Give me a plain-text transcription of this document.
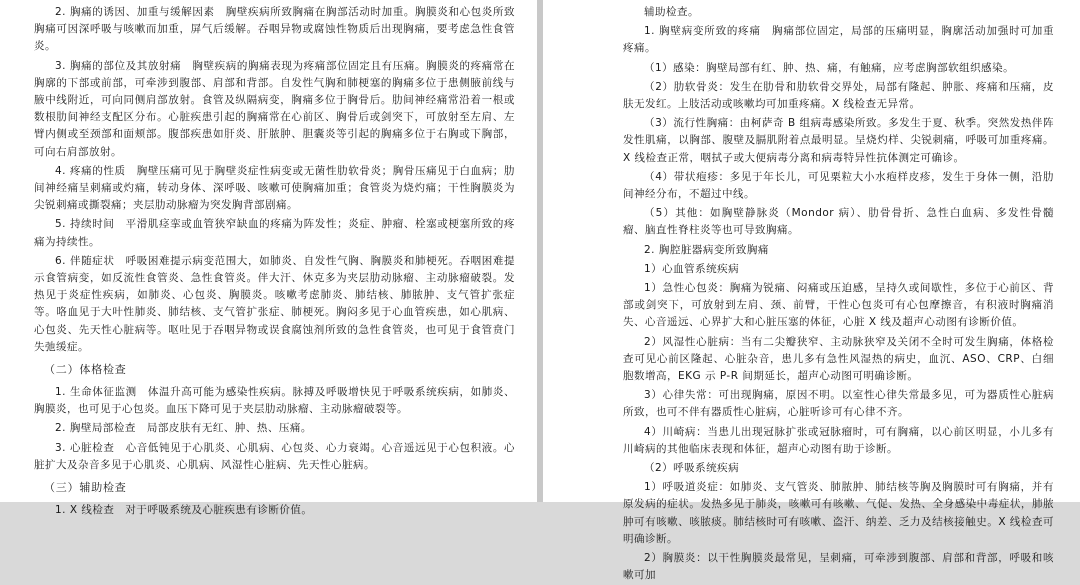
2. 胸痛的诱因、加重与缓解因素　胸壁疾病所致胸痛在胸部活动时加重。胸膜炎和心包炎所致胸痛可因深呼吸与咳嗽而加重，屏气后缓解。吞咽异物或腐蚀性物质后出现胸痛，要考虑急性食管炎。

3. 胸痛的部位及其放射痛　胸壁疾病的胸痛表现为疼痛部位固定且有压痛。胸膜炎的疼痛常在胸廓的下部或前部，可牵涉到腹部、肩部和背部。自发性气胸和肺梗塞的胸痛多位于患侧腋前线与腋中线附近，可向同侧肩部放射。食管及纵隔病变，胸痛多位于胸骨后。肋间神经痛常沿着一根或数根肋间神经支配区分布。心脏疾患引起的胸痛常在心前区、胸骨后或剑突下，可放射至左肩、左臂内侧或至颈部和面颊部。腹部疾患如肝炎、肝脓肿、胆囊炎等引起的胸痛多位于右胸或下胸部，可向右肩部放射。

4. 疼痛的性质　胸壁压痛可见于胸壁炎症性病变或无菌性肋软骨炎；胸骨压痛见于白血病；肋间神经痛呈刺痛或灼痛，转动身体、深呼吸、咳嗽可使胸痛加重；食管炎为烧灼痛；干性胸膜炎为尖锐刺痛或撕裂痛；夹层肋动脉瘤为突发胸背部剧痛。

5. 持续时间　平滑肌痉挛或血管狭窄缺血的疼痛为阵发性；炎症、肿瘤、栓塞或梗塞所致的疼痛为持续性。

6. 伴随症状　呼吸困难提示病变范围大，如肺炎、自发性气胸、胸膜炎和肺梗死。吞咽困难提示食管病变，如反流性食管炎、急性食管炎。伴大汗、休克多为夹层肋动脉瘤、主动脉瘤破裂。发热见于炎症性疾病，如肺炎、心包炎、胸膜炎。咳嗽考虑肺炎、肺结核、肺脓肿、支气管扩张症等。咯血见于大叶性肺炎、肺结核、支气管扩张症、肺梗死。胸闷多见于心血管疾患，如心肌病、心包炎、先天性心脏病等。呕吐见于吞咽异物或误食腐蚀剂所致的急性食管炎，也可见于食管贲门失弛缓症。

（二）体格检查

1. 生命体征监测　体温升高可能为感染性疾病。脉搏及呼吸增快见于呼吸系统疾病，如肺炎、胸膜炎，也可见于心包炎。血压下降可见于夹层肋动脉瘤、主动脉瘤破裂等。

2. 胸壁局部检查　局部皮肤有无红、肿、热、压痛。

3. 心脏检查　心音低钝见于心肌炎、心肌病、心包炎、心力衰竭。心音遥远见于心包积液。心脏扩大及杂音多见于心肌炎、心肌病、风湿性心脏病、先天性心脏病。

（三）辅助检查

1. X 线检查　对于呼吸系统及心脏疾患有诊断价值。

辅助检查。

1. 胸壁病变所致的疼痛　胸痛部位固定，局部的压痛明显，胸廓活动加强时可加重疼痛。

（1）感染：胸壁局部有红、肿、热、痛，有触痛，应考虑胸部软组织感染。

（2）肋软骨炎：发生在肋骨和肋软骨交界处，局部有隆起、肿胀、疼痛和压痛，皮肤无发红。上肢活动或咳嗽均可加重疼痛。X 线检查无异常。

（3）流行性胸痛：由柯萨奇 B 组病毒感染所致。多发生于夏、秋季。突然发热伴阵发性肌痛，以胸部、腹壁及膈肌附着点最明显。呈烧灼样、尖锐刺痛，呼吸可加重疼痛。X 线检查正常，咽拭子或大便病毒分离和病毒特异性抗体测定可确诊。

（4）带状疱疹：多见于年长儿，可见栗粒大小水疱样皮疹，发生于身体一侧，沿肋间神经分布，不超过中线。

（5）其他：如胸壁静脉炎（Mondor 病）、肋骨骨折、急性白血病、多发性骨髓瘤、脑直性脊柱炎等也可导致胸痛。

2. 胸腔脏器病变所致胸痛

1）心血管系统疾病

1）急性心包炎：胸痛为锐痛、闷痛或压迫感，呈持久或间歇性，多位于心前区、背部或剑突下，可放射到左肩、颈、前臂，干性心包炎可有心包摩擦音，有积液时胸痛消失、心音遥远、心界扩大和心脏压塞的体征，心脏 X 线及超声心动图有诊断价值。

2）风湿性心脏病：当有二尖瓣狭窄、主动脉狭窄及关闭不全时可发生胸痛，体格检查可见心前区隆起、心脏杂音，患儿多有急性风湿热的病史，血沉、ASO、CRP、白细胞数增高，EKG 示 P-R 间期延长，超声心动图可明确诊断。

3）心律失常：可出现胸痛，原因不明。以室性心律失常最多见，可为器质性心脏病所致，也可不伴有器质性心脏病，心脏听诊可有心律不齐。

4）川崎病：当患儿出现冠脉扩张或冠脉瘤时，可有胸痛，以心前区明显，小儿多有川崎病的其他临床表现和体征，超声心动图有助于诊断。

（2）呼吸系统疾病

1）呼吸道炎症：如肺炎、支气管炎、肺脓肿、肺结核等胸及胸膜时可有胸痛，并有原发病的症状。发热多见于肺炎，咳嗽可有咳嗽、气促、发热、全身感染中毒症状，肺脓肿可有咳嗽、咳脓痰。肺结核时可有咳嗽、盗汗、纳差、乏力及结核接触史。X 线检查可明确诊断。

2）胸膜炎：以干性胸膜炎最常见，呈刺痛，可牵涉到腹部、肩部和背部，呼吸和咳嗽可加
